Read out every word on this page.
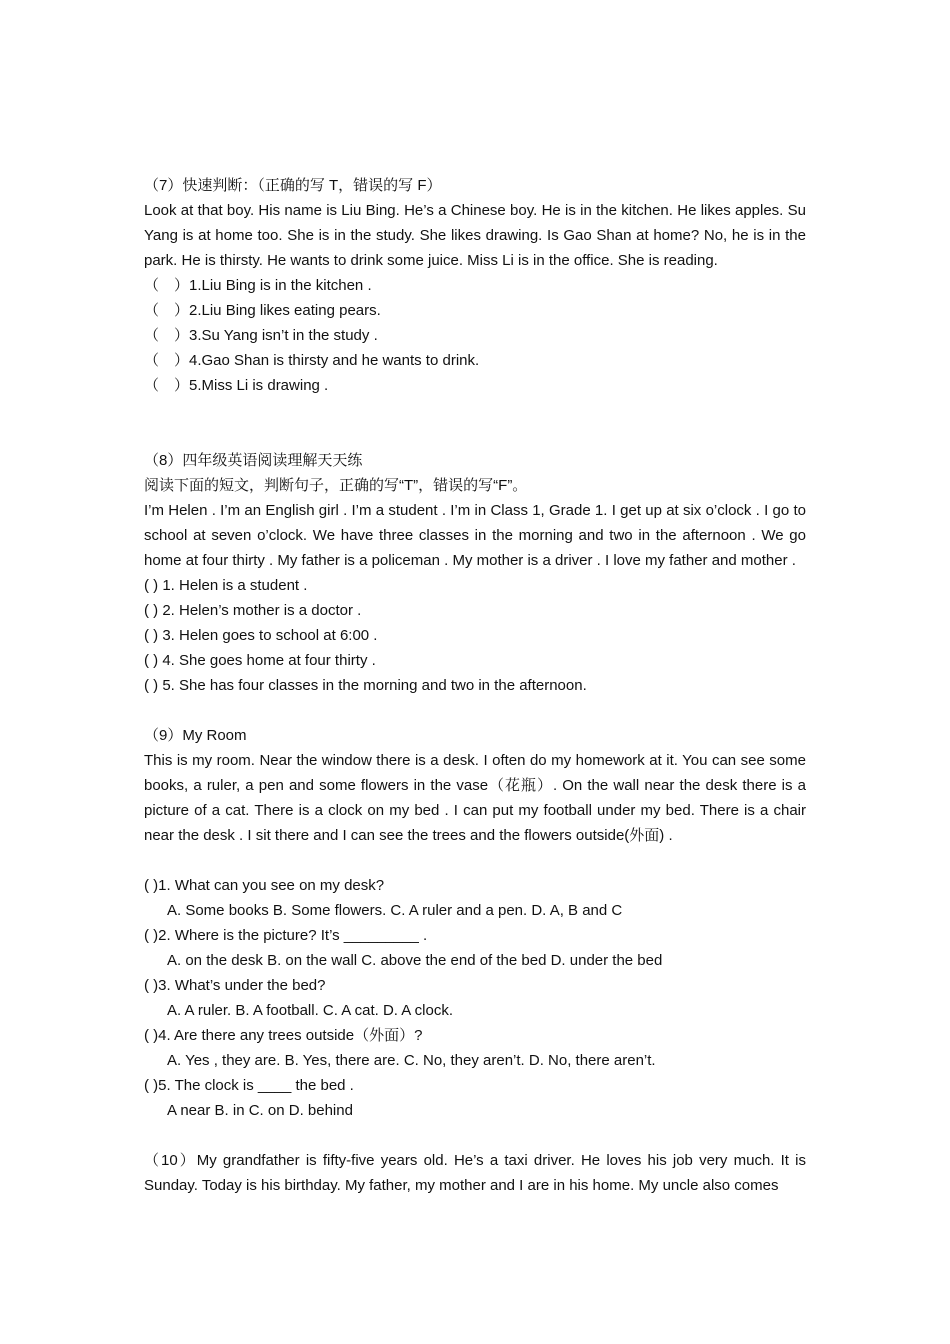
（7）快速判断：（正确的写 T，错误的写 F）

Look at that boy. His name is Liu Bing. He’s a Chinese boy. He is in the kitchen. He likes apples. Su Yang is at home too. She is in the study. She likes drawing. Is Gao Shan at home? No, he is in the park. He is thirsty. He wants to drink some juice. Miss Li is in the office. She is reading.

（　）1.Liu Bing is in the kitchen .

（　）2.Liu Bing likes eating pears.

（　）3.Su Yang isn’t in the study .

（　）4.Gao Shan is thirsty and he wants to drink.

（　）5.Miss Li is drawing .

（8）四年级英语阅读理解天天练

阅读下面的短文，判断句子，正确的写“T”，错误的写“F”。

I’m Helen . I’m an English girl . I’m a student . I’m in Class 1, Grade 1. I get up at six o’clock . I go to school at seven o’clock. We have three classes in the morning and two in the afternoon . We go home at four thirty . My father is a policeman . My mother is a driver . I love my father and mother .

( ) 1. Helen is a student .

( ) 2. Helen’s mother is a doctor .

( ) 3. Helen goes to school at 6:00 .

( ) 4. She goes home at four thirty .

( ) 5. She has four classes in the morning and two in the afternoon.

（9）My Room

This is my room. Near the window there is a desk. I often do my homework at it. You can see some books, a ruler, a pen and some flowers in the vase（花瓶）. On the wall near the desk there is a picture of a cat. There is a clock on my bed . I can put my football under my bed. There is a chair near the desk . I sit there and I can see the trees and the flowers outside(外面) .

( )1. What can you see on my desk?

A. Some books B. Some flowers. C. A ruler and a pen. D. A, B and C

( )2. Where is the picture? It’s _________ .

A. on the desk B. on the wall C. above the end of the bed D. under the bed

( )3. What’s under the bed?

A. A ruler. B. A football. C. A cat. D. A clock.

( )4. Are there any trees outside（外面）?

A. Yes , they are. B. Yes, there are. C. No, they aren’t. D. No, there aren’t.

( )5. The clock is ____ the bed .

A near B. in C. on D. behind

（10）My grandfather is fifty-five years old. He’s a taxi driver. He loves his job very much. It is Sunday. Today is his birthday. My father, my mother and I are in his home. My uncle also comes
